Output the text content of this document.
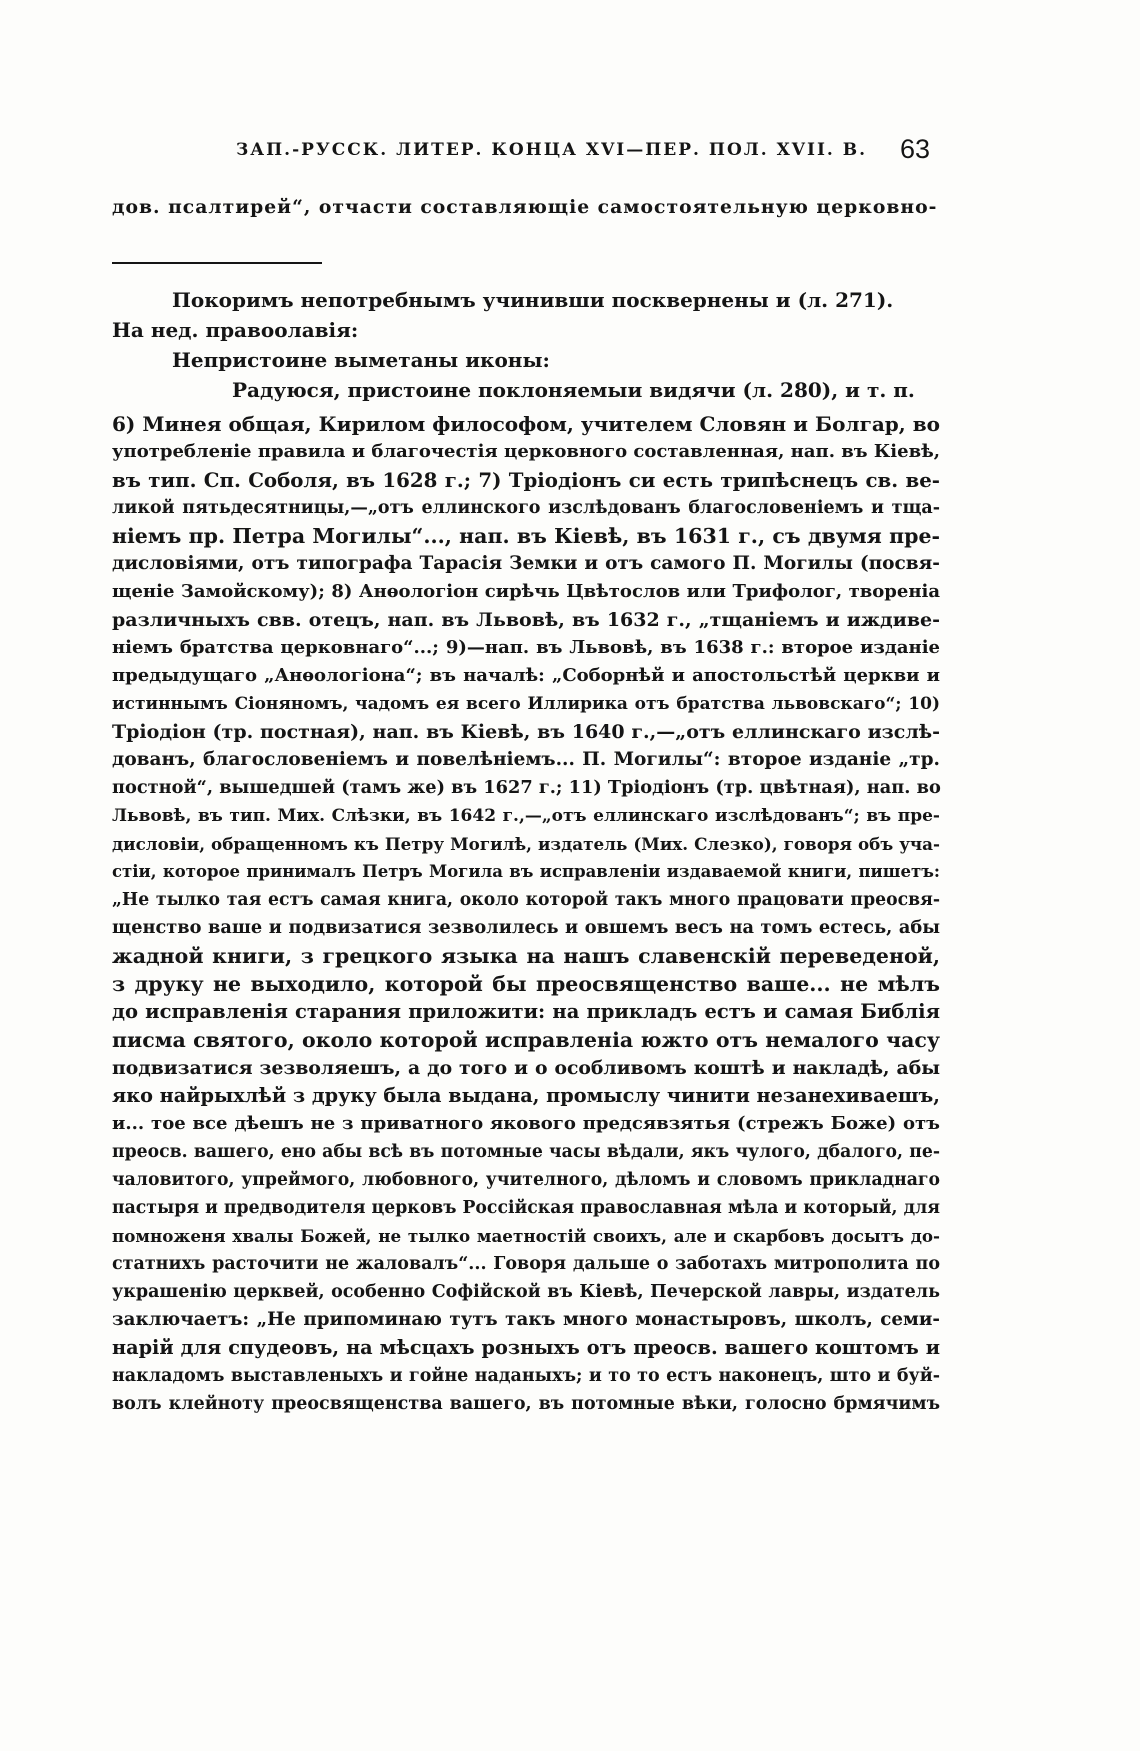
ЗАП.-РУССК. ЛИТЕР. КОНЦА XVI—ПЕР. ПОЛ. XVII. В.	63
дов. псалтирей“, отчасти составляющіе самостоятельную церковно-
Покоримъ непотребнымъ учинивши посквернены и (л. 271).
На нед. правоолавія:
Непристоине выметаны иконы:
Радуюся, пристоине поклоняемыи видячи (л. 280), и т. п.
6) Минея общая, Кирилом философом, учителем Словян и Болгар, во
употребленіе правила и благочестія церковного составленная, нап. въ Кіевѣ,
въ тип. Сп. Соболя, въ 1628 г.; 7) Тріодіонъ си есть трипѣснецъ св. ве-
ликой пятьдесятницы,—„отъ еллинского изслѣдованъ благословеніемъ и тща-
ніемъ пр. Петра Могилы“..., нап. въ Кіевѣ, въ 1631 г., съ двумя пре-
дисловіями, отъ типографа Тарасія Земки и отъ самого П. Могилы (посвя-
щеніе Замойскому); 8) Анѳологіон сирѣчь Цвѣтослов или Трифолог, твореніа
различныхъ свв. отецъ, нап. въ Львовѣ, въ 1632 г., „тщаніемъ и иждиве-
ніемъ братства церковнаго“...; 9)—нап. въ Львовѣ, въ 1638 г.: второе изданіе
предыдущаго „Анѳологіона“; въ началѣ: „Соборнѣй и апостольстѣй церкви и
истиннымъ Сіоняномъ, чадомъ ея всего Иллирика отъ братства львовскаго“; 10)
Тріодіон (тр. постная), нап. въ Кіевѣ, въ 1640 г.,—„отъ еллинскаго изслѣ-
дованъ, благословеніемъ и повелѣніемъ... П. Могилы“: второе изданіе „тр.
постной“, вышедшей (тамъ же) въ 1627 г.; 11) Тріодіонъ (тр. цвѣтная), нап. во
Львовѣ, въ тип. Мих. Слѣзки, въ 1642 г.,—„отъ еллинскаго изслѣдованъ“; въ пре-
дисловіи, обращенномъ къ Петру Могилѣ, издатель (Мих. Слезко), говоря объ уча-
стіи, которое принималъ Петръ Могила въ исправленіи издаваемой книги, пишетъ:
„Не тылко тая естъ самая книга, около которой такъ много працовати преосвя-
щенство ваше и подвизатися зезволилесь и овшемъ весъ на томъ естесь, абы
жадной книги, з грецкого языка на нашъ славенскій переведеной,
з друку не выходило, которой бы преосвященство ваше... не мѣлъ
до исправленія старания приложити: на прикладъ естъ и самая Библія
писма святого, около которой исправленіа южто отъ немалого часу
подвизатися зезволяешъ, а до того и о особливомъ коштѣ и накладѣ, абы
яко найрыхлѣй з друку была выдана, промыслу чинити незанехиваешъ,
и... тое все дѣешъ не з приватного якового предсявзятья (стрежъ Боже) отъ
преосв. вашего, ено абы всѣ въ потомные часы вѣдали, якъ чулого, дбалого, пе-
чаловитого, упреймого, любовного, учителного, дѣломъ и словомъ прикладнаго
пастыря и предводителя церковъ Россійская православная мѣла и который, для
помноженя хвалы Божей, не тылко маетностій своихъ, але и скарбовъ досытъ до-
статнихъ расточити не жаловалъ“... Говоря дальше о заботахъ митрополита по
украшенію церквей, особенно Софійской въ Кіевѣ, Печерской лавры, издатель
заключаетъ: „Не припоминаю тутъ такъ много монастыровъ, школъ, семи-
нарій для спудеовъ, на мѣсцахъ розныхъ отъ преосв. вашего коштомъ и
накладомъ выставленыхъ и гойне наданыхъ; и то то естъ наконецъ, што и буй-
волъ клейноту преосвященства вашего, въ потомные вѣки, голосно брмячимъ
